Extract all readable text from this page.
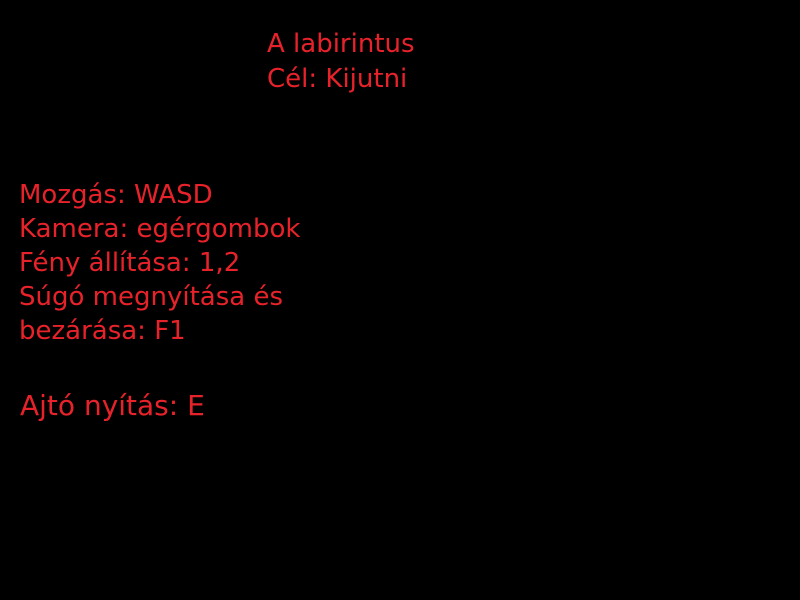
A labirintus
Cél: Kijutni
Mozgás: WASD
Kamera: egérgombok
Fény állítása: 1,2
Súgó megnyítása és
bezárása: F1
Ajtó nyítás: E
